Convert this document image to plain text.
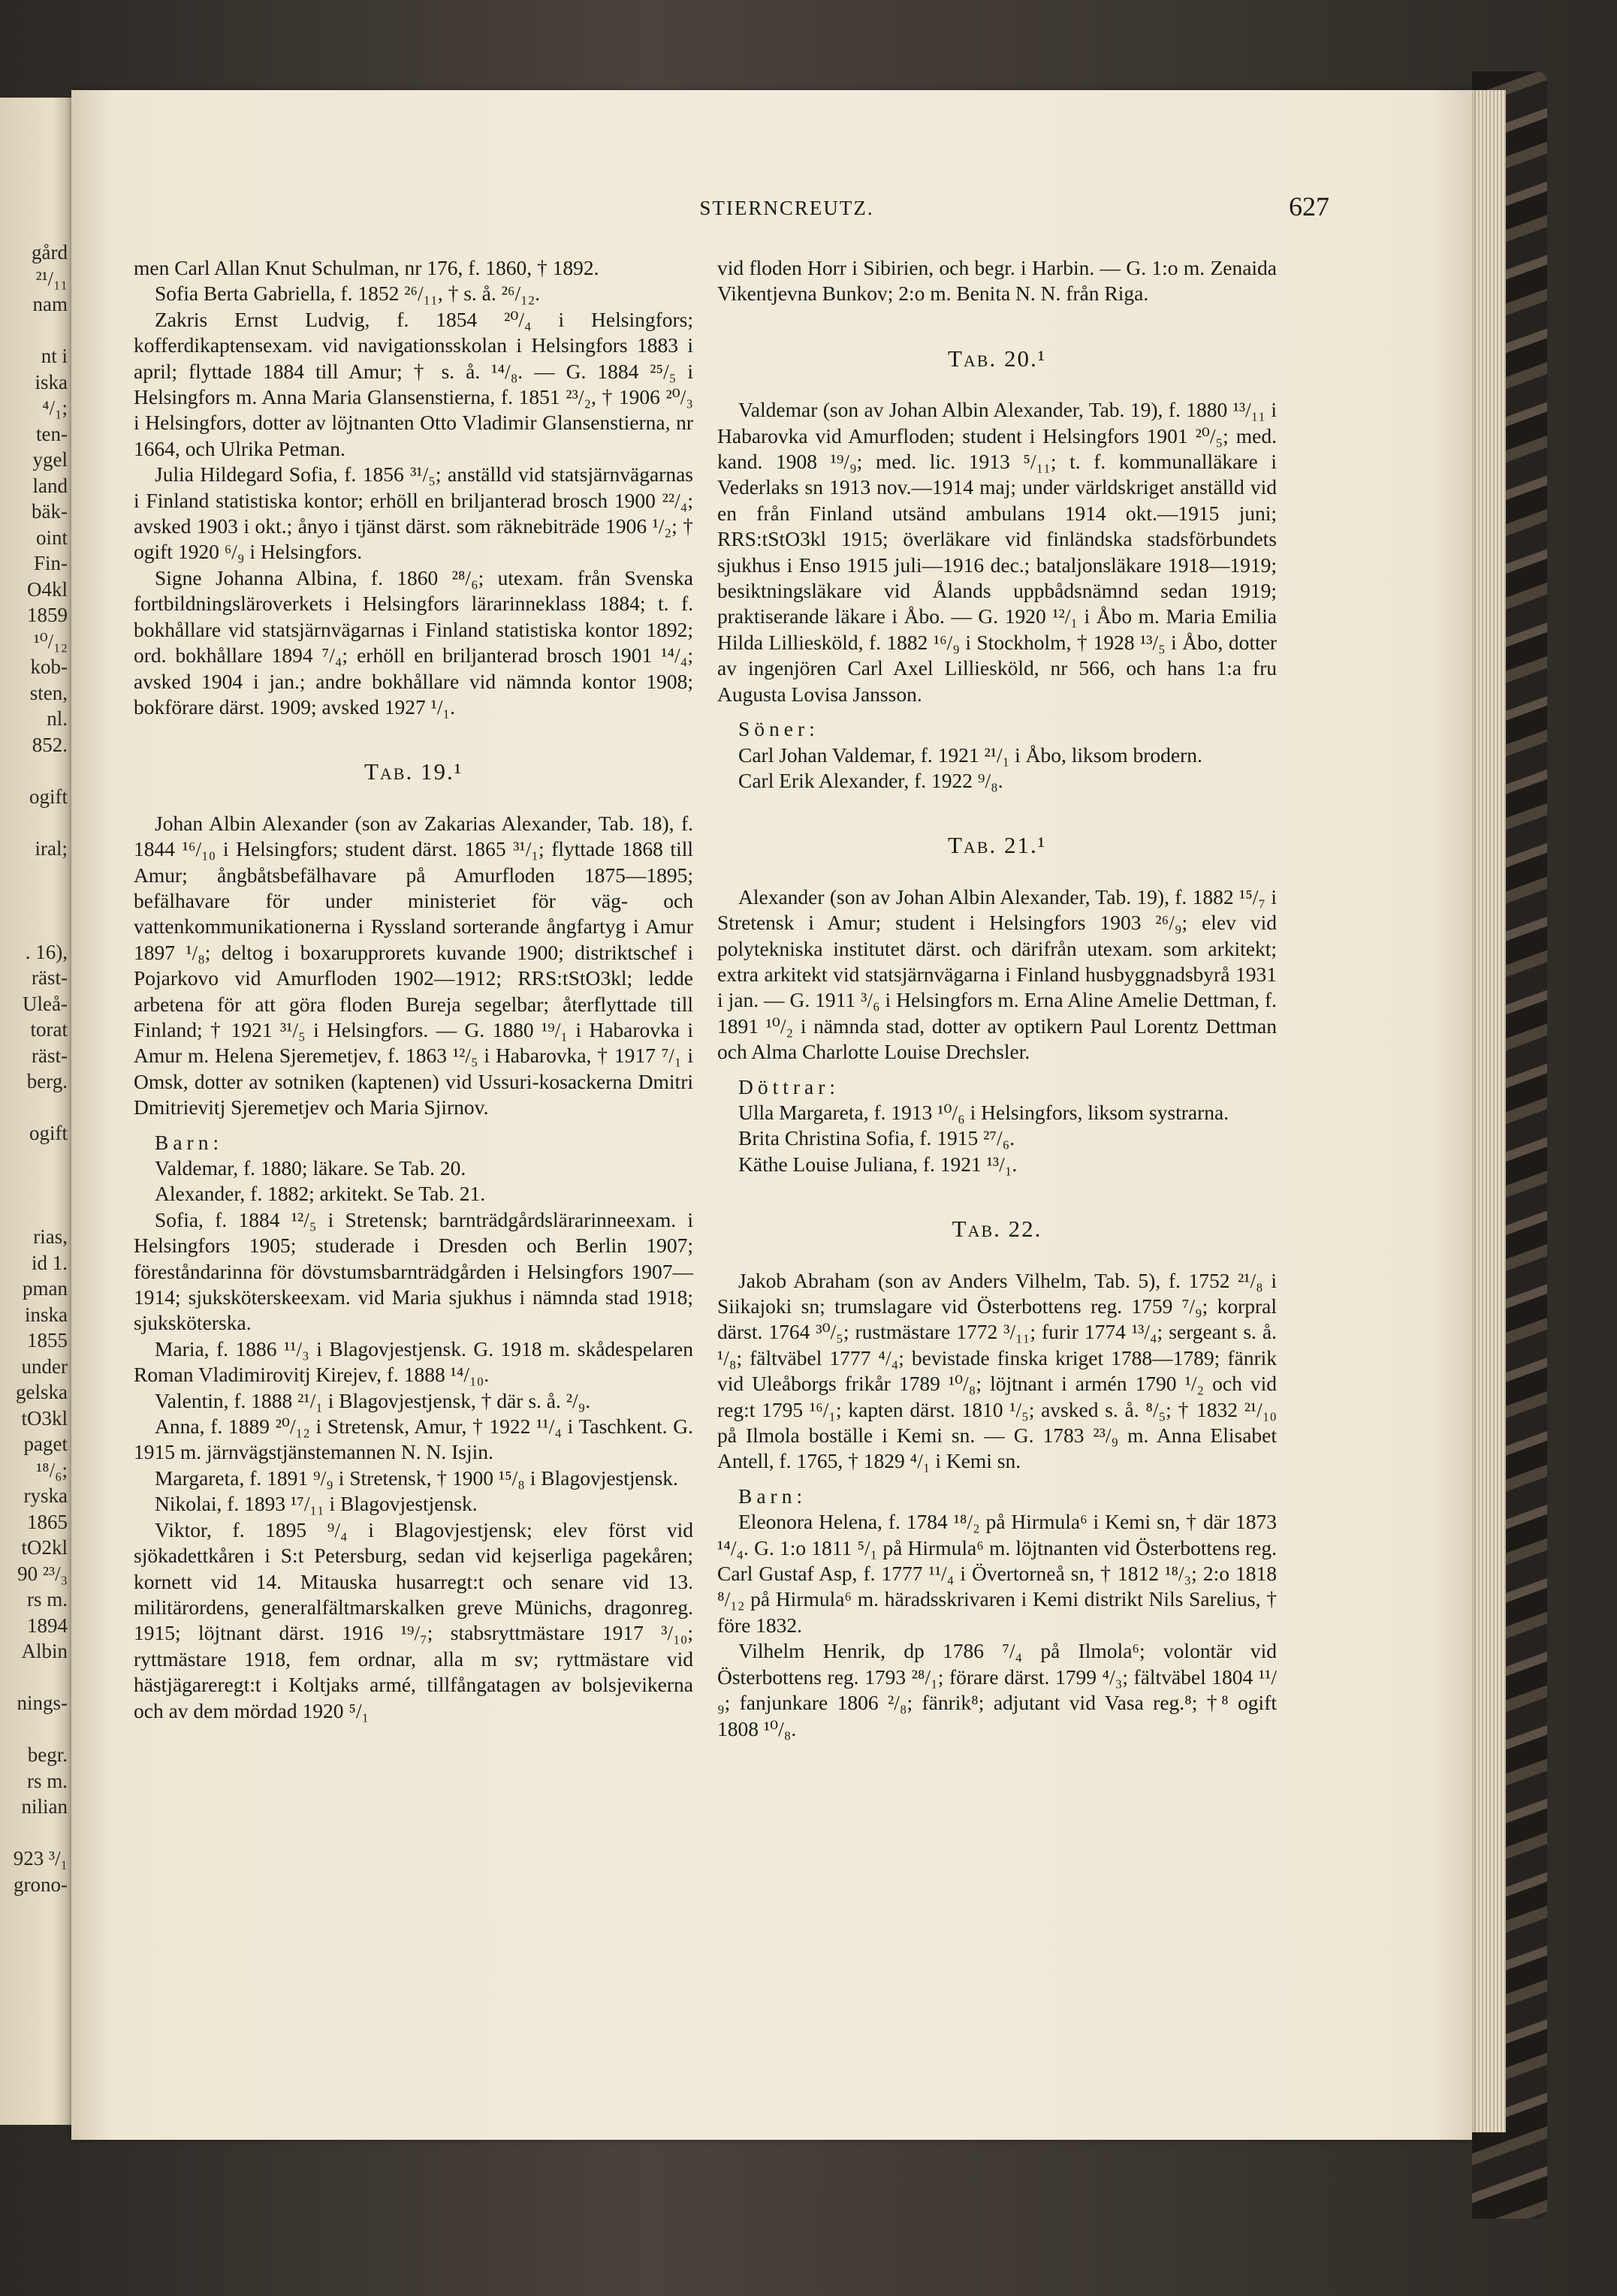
gård
²¹/₁₁
nam
nt i
iska
⁴/₁;
ten-
ygel
land
bäk-
oint
Fin-
O4kl
1859
¹⁰/₁₂
kob-
sten,
nl.
852.
ogift
iral;
. 16),
räst-
Uleå-
torat
räst-
berg.
ogift
rias,
id 1.
pman
inska
1855
under
gelska
tO3kl
paget
¹⁸/₆;
ryska
1865
tO2kl
90 ²³/₃
rs m.
1894
Albin
nings-
begr.
rs m.
nilian
923 ³/₁
grono-
STIERNCREUTZ.	627

men Carl Allan Knut Schulman, nr 176, f. 1860, † 1892.

Sofia Berta Gabriella, f. 1852 ²⁶/₁₁, † s. å. ²⁶/₁₂.

Zakris Ernst Ludvig, f. 1854 ²⁰/₄ i Helsingfors; kofferdikaptensexam. vid navigationsskolan i Helsingfors 1883 i april; flyttade 1884 till Amur; † s. å. ¹⁴/₈. — G. 1884 ²⁵/₅ i Helsingfors m. Anna Maria Glansenstierna, f. 1851 ²³/₂, † 1906 ²⁰/₃ i Helsingfors, dotter av löjtnanten Otto Vladimir Glansenstierna, nr 1664, och Ulrika Petman.

Julia Hildegard Sofia, f. 1856 ³¹/₅; anställd vid statsjärnvägarnas i Finland statistiska kontor; erhöll en briljanterad brosch 1900 ²²/₄; avsked 1903 i okt.; ånyo i tjänst därst. som räknebiträde 1906 ¹/₂; † ogift 1920 ⁶/₉ i Helsingfors.

Signe Johanna Albina, f. 1860 ²⁸/₆; utexam. från Svenska fortbildningsläroverkets i Helsingfors lärarinneklass 1884; t. f. bokhållare vid statsjärnvägarnas i Finland statistiska kontor 1892; ord. bokhållare 1894 ⁷/₄; erhöll en briljanterad brosch 1901 ¹⁴/₄; avsked 1904 i jan.; andre bokhållare vid nämnda kontor 1908; bokförare därst. 1909; avsked 1927 ¹/₁.

Tab. 19.¹

Johan Albin Alexander (son av Zakarias Alexander, Tab. 18), f. 1844 ¹⁶/₁₀ i Helsingfors; student därst. 1865 ³¹/₁; flyttade 1868 till Amur; ångbåtsbefälhavare på Amurfloden 1875—1895; befälhavare för under ministeriet för väg- och vattenkommunikationerna i Ryssland sorterande ångfartyg i Amur 1897 ¹/₈; deltog i boxarupprorets kuvande 1900; distriktschef i Pojarkovo vid Amurfloden 1902—1912; RRS:tStO3kl; ledde arbetena för att göra floden Bureja segelbar; återflyttade till Finland; † 1921 ³¹/₅ i Helsingfors. — G. 1880 ¹⁹/₁ i Habarovka i Amur m. Helena Sjeremetjev, f. 1863 ¹²/₅ i Habarovka, † 1917 ⁷/₁ i Omsk, dotter av sotniken (kaptenen) vid Ussuri-kosackerna Dmitri Dmitrievitj Sjeremetjev och Maria Sjirnov.

Barn:

Valdemar, f. 1880; läkare. Se Tab. 20.

Alexander, f. 1882; arkitekt. Se Tab. 21.

Sofia, f. 1884 ¹²/₅ i Stretensk; barnträdgårdslärarinneexam. i Helsingfors 1905; studerade i Dresden och Berlin 1907; föreståndarinna för dövstumsbarnträdgården i Helsingfors 1907—1914; sjuksköterskeexam. vid Maria sjukhus i nämnda stad 1918; sjuksköterska.

Maria, f. 1886 ¹¹/₃ i Blagovjestjensk. G. 1918 m. skådespelaren Roman Vladimirovitj Kirejev, f. 1888 ¹⁴/₁₀.

Valentin, f. 1888 ²¹/₁ i Blagovjestjensk, † där s. å. ²/₉.

Anna, f. 1889 ²⁰/₁₂ i Stretensk, Amur, † 1922 ¹¹/₄ i Taschkent. G. 1915 m. järnvägstjänstemannen N. N. Isjin.

Margareta, f. 1891 ⁹/₉ i Stretensk, † 1900 ¹⁵/₈ i Blagovjestjensk.

Nikolai, f. 1893 ¹⁷/₁₁ i Blagovjestjensk.

Viktor, f. 1895 ⁹/₄ i Blagovjestjensk; elev först vid sjökadettkåren i S:t Petersburg, sedan vid kejserliga pagekåren; kornett vid 14. Mitauska husarregt:t och senare vid 13. militärordens, generalfältmarskalken greve Münichs, dragonreg. 1915; löjtnant därst. 1916 ¹⁹/₇; stabsryttmästare 1917 ³/₁₀; ryttmästare 1918, fem ordnar, alla m sv; ryttmästare vid hästjägareregt:t i Koltjaks armé, tillfångatagen av bolsjevikerna och av dem mördad 1920 ⁵/₁

vid floden Horr i Sibirien, och begr. i Harbin. — G. 1:o m. Zenaida Vikentjevna Bunkov; 2:o m. Benita N. N. från Riga.

Tab. 20.¹

Valdemar (son av Johan Albin Alexander, Tab. 19), f. 1880 ¹³/₁₁ i Habarovka vid Amurfloden; student i Helsingfors 1901 ²⁰/₅; med. kand. 1908 ¹⁹/₉; med. lic. 1913 ⁵/₁₁; t. f. kommunalläkare i Vederlaks sn 1913 nov.—1914 maj; under världskriget anställd vid en från Finland utsänd ambulans 1914 okt.—1915 juni; RRS:tStO3kl 1915; överläkare vid finländska stadsförbundets sjukhus i Enso 1915 juli—1916 dec.; bataljonsläkare 1918—1919; besiktningsläkare vid Ålands uppbådsnämnd sedan 1919; praktiserande läkare i Åbo. — G. 1920 ¹²/₁ i Åbo m. Maria Emilia Hilda Lilliesköld, f. 1882 ¹⁶/₉ i Stockholm, † 1928 ¹³/₅ i Åbo, dotter av ingenjören Carl Axel Lilliesköld, nr 566, och hans 1:a fru Augusta Lovisa Jansson.

Söner:

Carl Johan Valdemar, f. 1921 ²¹/₁ i Åbo, liksom brodern.

Carl Erik Alexander, f. 1922 ⁹/₈.

Tab. 21.¹

Alexander (son av Johan Albin Alexander, Tab. 19), f. 1882 ¹⁵/₇ i Stretensk i Amur; student i Helsingfors 1903 ²⁶/₉; elev vid polytekniska institutet därst. och därifrån utexam. som arkitekt; extra arkitekt vid statsjärnvägarna i Finland husbyggnadsbyrå 1931 i jan. — G. 1911 ³/₆ i Helsingfors m. Erna Aline Amelie Dettman, f. 1891 ¹⁰/₂ i nämnda stad, dotter av optikern Paul Lorentz Dettman och Alma Charlotte Louise Drechsler.

Döttrar:

Ulla Margareta, f. 1913 ¹⁰/₆ i Helsingfors, liksom systrarna.

Brita Christina Sofia, f. 1915 ²⁷/₆.

Käthe Louise Juliana, f. 1921 ¹³/₁.

Tab. 22.

Jakob Abraham (son av Anders Vilhelm, Tab. 5), f. 1752 ²¹/₈ i Siikajoki sn; trumslagare vid Österbottens reg. 1759 ⁷/₉; korpral därst. 1764 ³⁰/₅; rustmästare 1772 ³/₁₁; furir 1774 ¹³/₄; sergeant s. å. ¹/₈; fältväbel 1777 ⁴/₄; bevistade finska kriget 1788—1789; fänrik vid Uleåborgs frikår 1789 ¹⁰/₈; löjtnant i armén 1790 ¹/₂ och vid reg:t 1795 ¹⁶/₁; kapten därst. 1810 ¹/₅; avsked s. å. ⁸/₅; † 1832 ²¹/₁₀ på Ilmola boställe i Kemi sn. — G. 1783 ²³/₉ m. Anna Elisabet Antell, f. 1765, † 1829 ⁴/₁ i Kemi sn.

Barn:

Eleonora Helena, f. 1784 ¹⁸/₂ på Hirmula⁶ i Kemi sn, † där 1873 ¹⁴/₄. G. 1:o 1811 ⁵/₁ på Hirmula⁶ m. löjtnanten vid Österbottens reg. Carl Gustaf Asp, f. 1777 ¹¹/₄ i Övertorneå sn, † 1812 ¹⁸/₃; 2:o 1818 ⁸/₁₂ på Hirmula⁶ m. häradsskrivaren i Kemi distrikt Nils Sarelius, † före 1832.

Vilhelm Henrik, dp 1786 ⁷/₄ på Ilmola⁶; volontär vid Österbottens reg. 1793 ²⁸/₁; förare därst. 1799 ⁴/₃; fältväbel 1804 ¹¹/₉; fanjunkare 1806 ²/₈; fänrik⁸; adjutant vid Vasa reg.⁸; †⁸ ogift 1808 ¹⁰/₈.
